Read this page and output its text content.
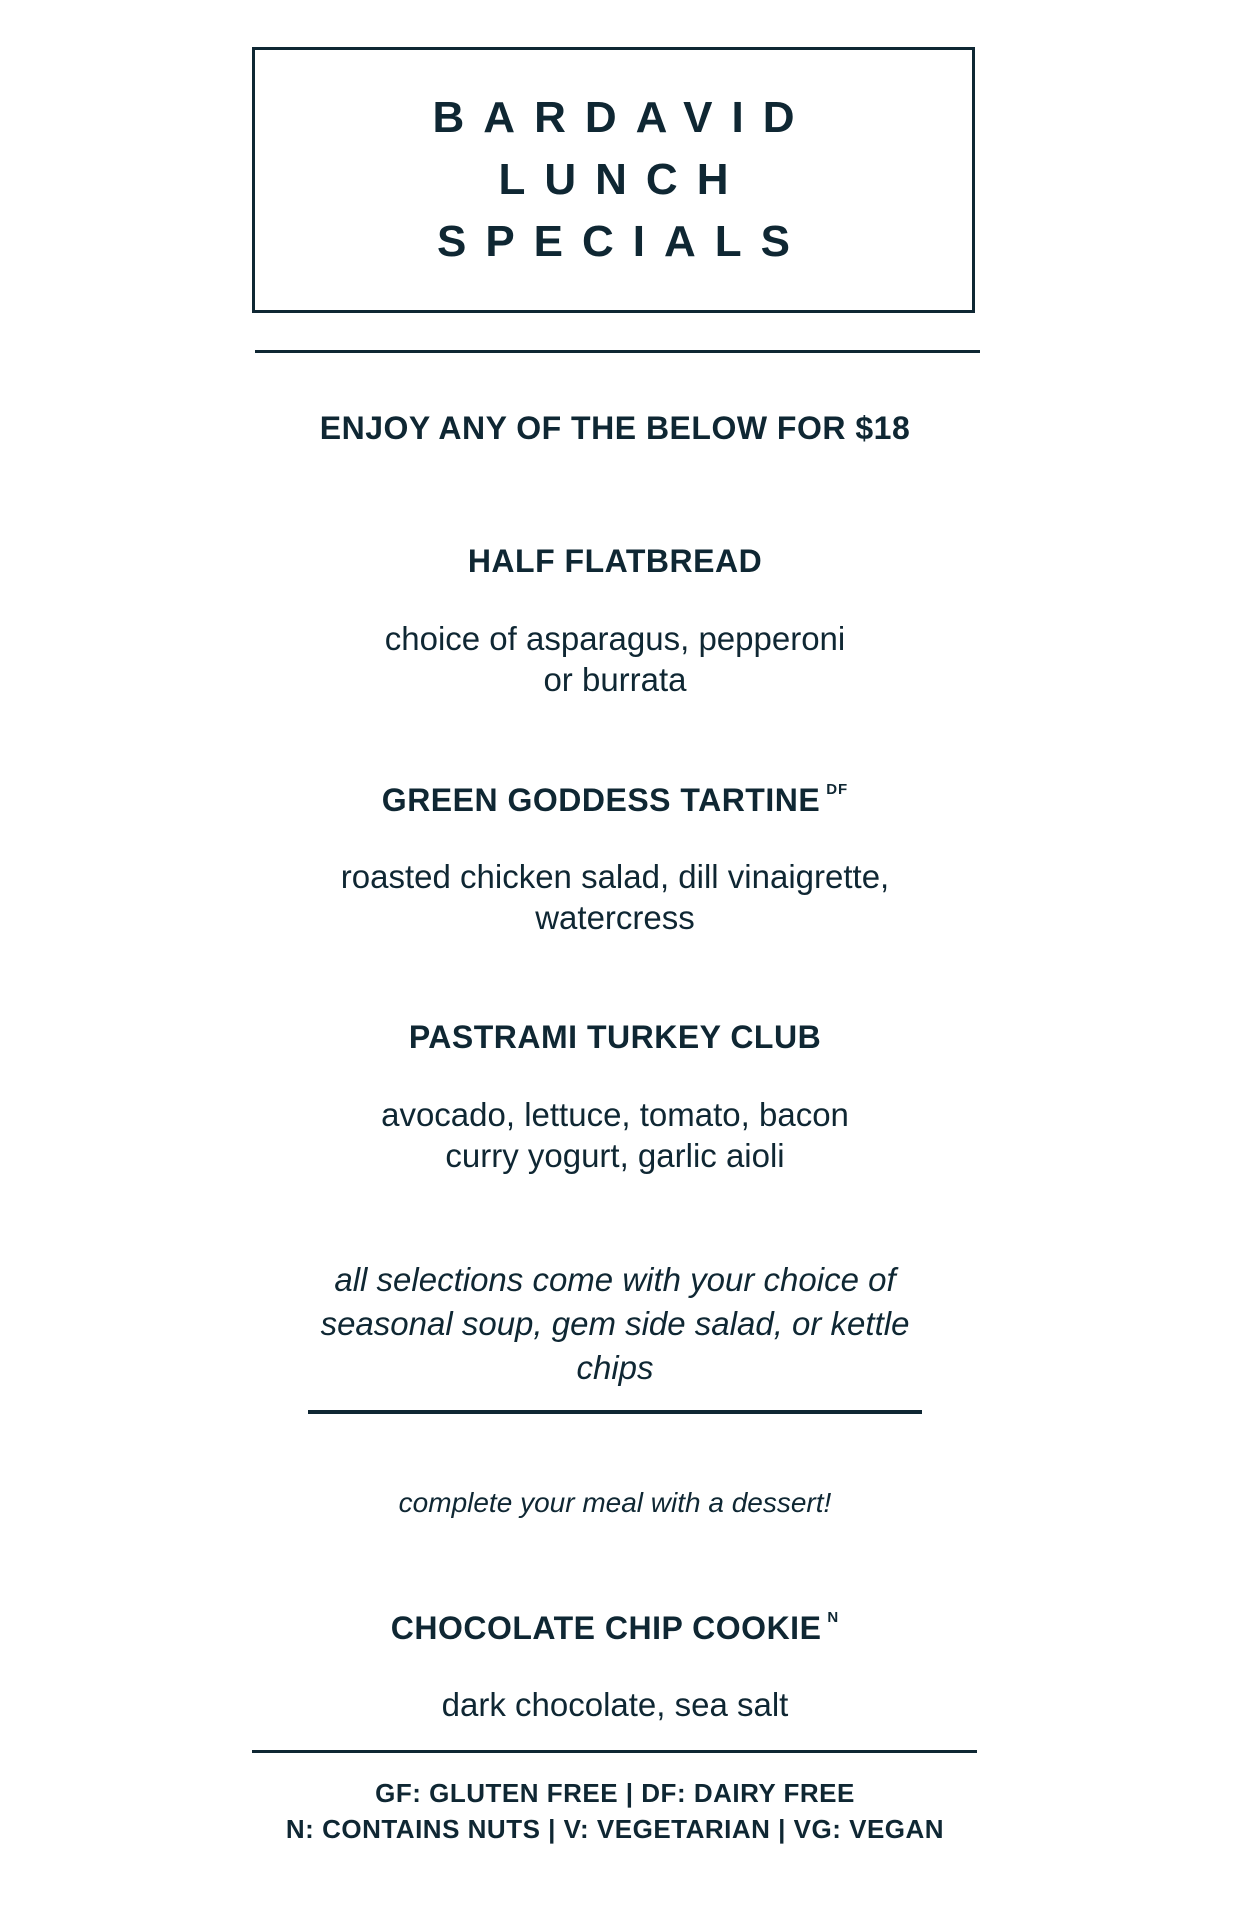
BARDAVID
LUNCH
SPECIALS
ENJOY ANY OF THE BELOW FOR $18
HALF FLATBREAD
choice of asparagus, pepperoni
or burrata
GREEN GODDESS TARTINE $^{DF}$
roasted chicken salad, dill vinaigrette,
watercress
PASTRAMI TURKEY CLUB
avocado, lettuce, tomato, bacon
curry yogurt, garlic aioli
all selections come with your choice of
seasonal soup, gem side salad, or kettle
chips
complete your meal with a dessert!
CHOCOLATE CHIP COOKIE $^N$
dark chocolate, sea salt
GF: GLUTEN FREE | DF: DAIRY FREE
N: CONTAINS NUTS | V: VEGETARIAN | VG: VEGAN
